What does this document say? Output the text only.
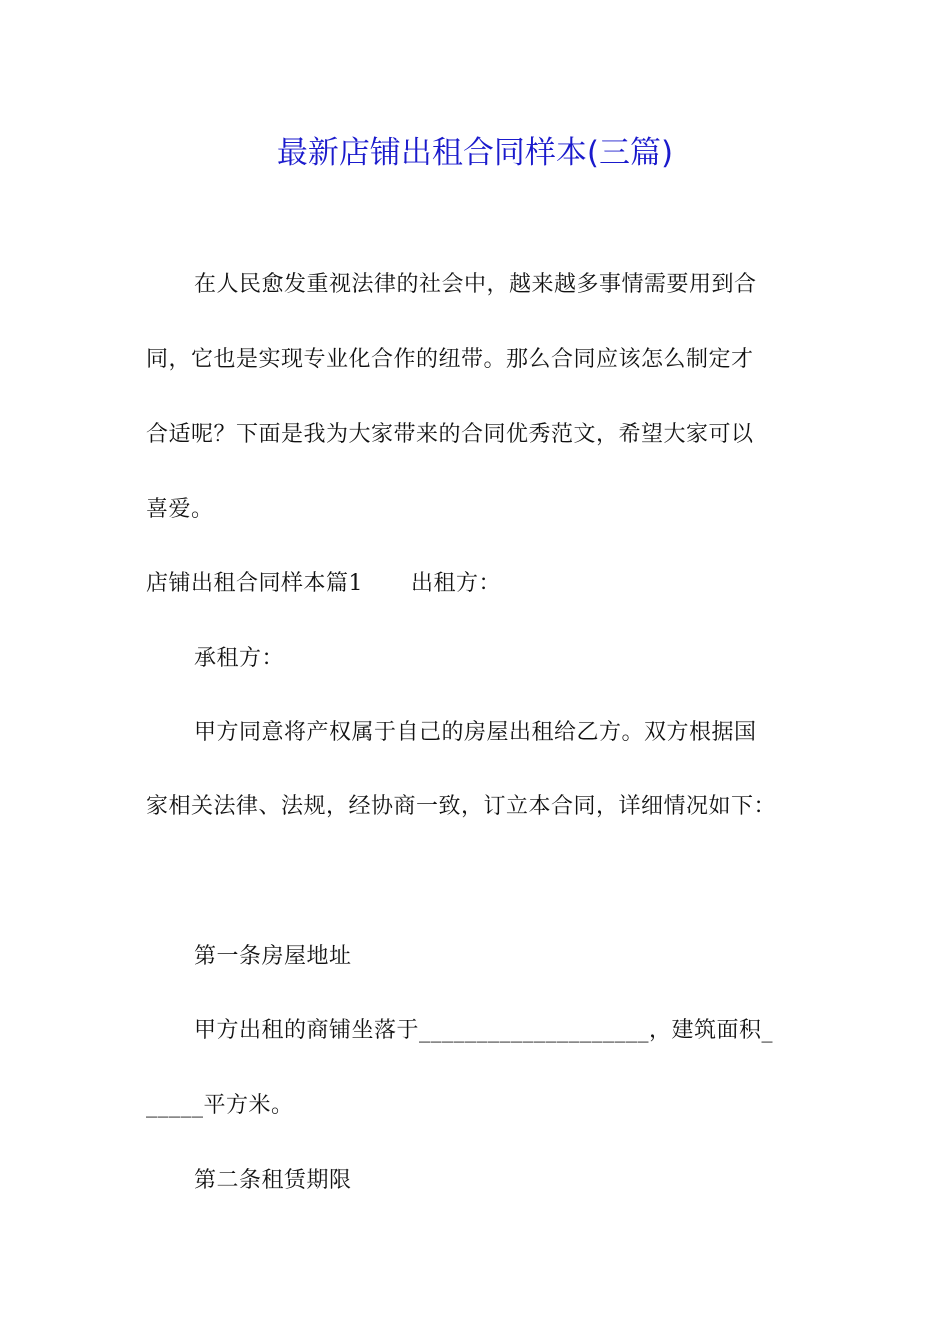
最新店铺出租合同样本(三篇)
在人民愈发重视法律的社会中，越来越多事情需要用到合
同，它也是实现专业化合作的纽带。那么合同应该怎么制定才
合适呢？下面是我为大家带来的合同优秀范文，希望大家可以
喜爱。
店铺出租合同样本篇1 出租方：
承租方：
甲方同意将产权属于自己的房屋出租给乙方。双方根据国
家相关法律、法规，经协商一致，订立本合同，详细情况如下：
第一条房屋地址
甲方出租的商铺坐落于____________________，建筑面积_
_____平方米。
第二条租赁期限
